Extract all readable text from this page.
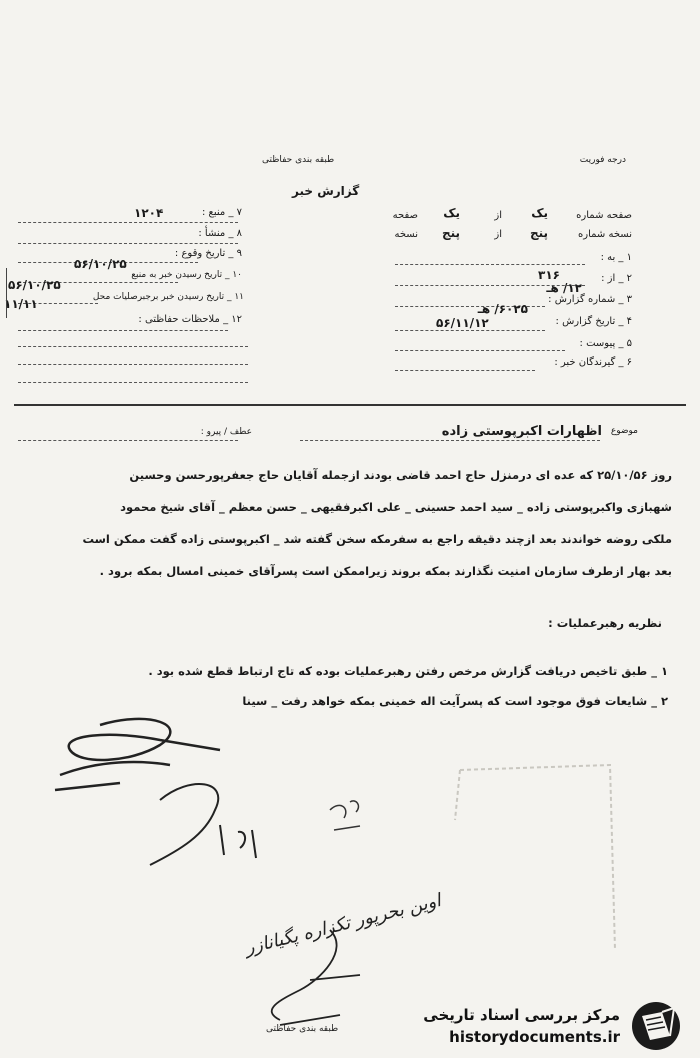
درجه فوریت
طبقه بندی حفاظتی
گزارش خبر
۷ _ منبع :
۱۲۰۴
۸ _ منشأ :
۹ _ تاریخ وقوع :
۵۶/۱۰/۲۵
۱۰ _ تاریخ رسیدن خبر به منبع
۵۶/۱۰/۲۵
۱۱ _ تاریخ رسیدن خبر برجبرصلیات محل
۱۱/۱۱
۱۲ _ ملاحظات حفاظتی :
صفحه شماره
یک
از
یک
صفحه
نسخه شماره
پنج
از
پنج
نسخه
۱ _ به :
۲ _ از :
۳۱۶
۳ _ شماره گزارش :
۱۲/ هـ
۴ _ تاریخ گزارش :
۶۰۲۵/ هـ
۵۶/۱۱/۱۲
۵ _ پیوست :
۶ _ گیرندگان خبر :
موضوع
اظهارات اکبرپوستی زاده
عطف / پیرو :
روز ۲۵/۱۰/۵۶ که عده ای درمنزل حاج احمد قاضی بودند ازجمله آقایان حاج جعفرپورحسن وحسین
شهبازی واکبرپوستی زاده _ سید احمد حسینی _ علی اکبرفقیهی _ حسن معظم _ آقای شیخ محمود
ملکی روضه خواندند بعد ازچند دقیقه راجع به سفرمکه سخن گفته شد _ اکبرپوستی زاده گفت ممکن است
بعد بهار ازطرف سازمان امنیت نگذارند بمکه بروند زیراممکن است پسرآقای خمینی امسال بمکه برود .
نظریه رهبرعملیات :
۱ _ طبق تاخیص دریافت گزارش مرخص رفتن رهبرعملیات بوده که تاج ارتباط قطع شده بود .
۲ _ شایعات فوق موجود است که پسرآیت اله خمینی بمکه خواهد رفت _ سینا
اوین بحرپور تکزاره پگیانازر
طبقه بندی حفاظتی
مرکز بررسی اسناد تاریخی
historydocuments.ir
